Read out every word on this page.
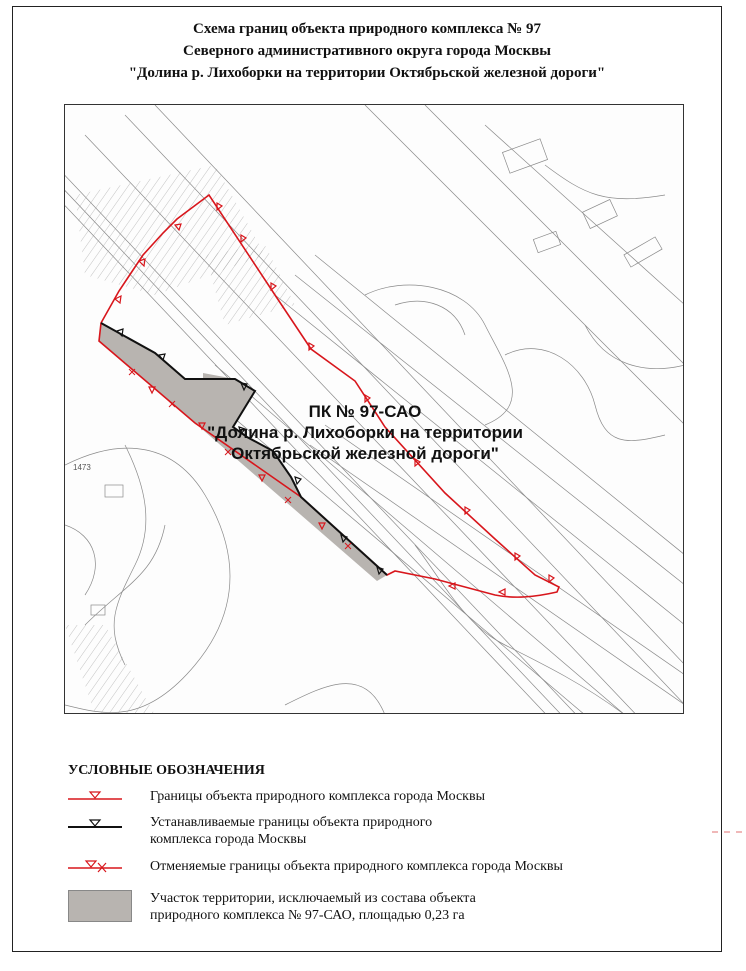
Схема границ объекта природного комплекса № 97
Северного административного округа города Москвы
"Долина р. Лихоборки на территории Октябрьской железной дороги"
1473
ПК № 97-САО
"Долина р. Лихоборки на территории
Октябрьской железной дороги"
УСЛОВНЫЕ ОБОЗНАЧЕНИЯ
Границы объекта природного комплекса города Москвы
Устанавливаемые границы объекта природного
комплекса города Москвы
Отменяемые границы объекта природного комплекса города Москвы
Участок территории, исключаемый из состава объекта
природного комплекса № 97-САО, площадью 0,23 га
